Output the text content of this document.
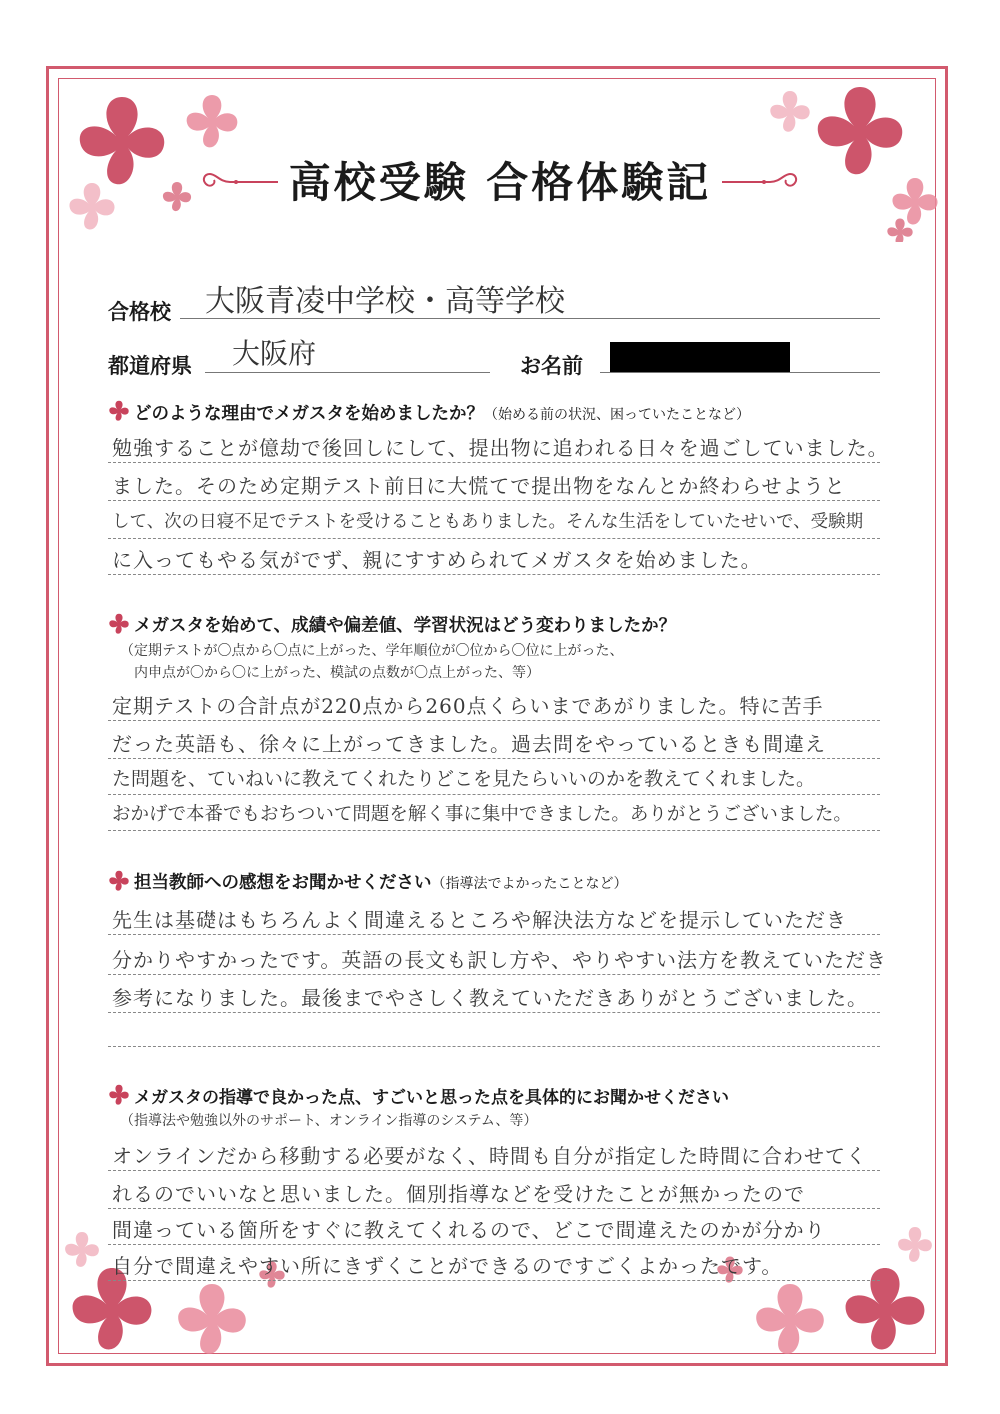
高校受験 合格体験記
合格校 大阪青凌中学校・高等学校
都道府県 大阪府	お名前
どのような理由でメガスタを始めましたか？（始める前の状況、困っていたことなど）
勉強することが億劫で後回しにして、提出物に追われる日々を過ごしていました。
ました。そのため定期テスト前日に大慌てで提出物をなんとか終わらせようと
して、次の日寝不足でテストを受けることもありました。そんな生活をしていたせいで、受験期
に入ってもやる気がでず、親にすすめられてメガスタを始めました。
メガスタを始めて、成績や偏差値、学習状況はどう変わりましたか？
（定期テストが〇点から〇点に上がった、学年順位が〇位から〇位に上がった、
内申点が〇から〇に上がった、模試の点数が〇点上がった、等）
定期テストの合計点が220点から260点くらいまであがりました。特に苦手
だった英語も、徐々に上がってきました。過去問をやっているときも間違え
た問題を、ていねいに教えてくれたりどこを見たらいいのかを教えてくれました。
おかげで本番でもおちついて問題を解く事に集中できました。ありがとうございました。
担当教師への感想をお聞かせください（指導法でよかったことなど）
先生は基礎はもちろんよく間違えるところや解決法方などを提示していただき
分かりやすかったです。英語の長文も訳し方や、やりやすい法方を教えていただき
参考になりました。最後までやさしく教えていただきありがとうございました。
メガスタの指導で良かった点、すごいと思った点を具体的にお聞かせください
（指導法や勉強以外のサポート、オンライン指導のシステム、等）
オンラインだから移動する必要がなく、時間も自分が指定した時間に合わせてく
れるのでいいなと思いました。個別指導などを受けたことが無かったので
間違っている箇所をすぐに教えてくれるので、どこで間違えたのかが分かり
自分で間違えやすい所にきずくことができるのですごくよかったです。
